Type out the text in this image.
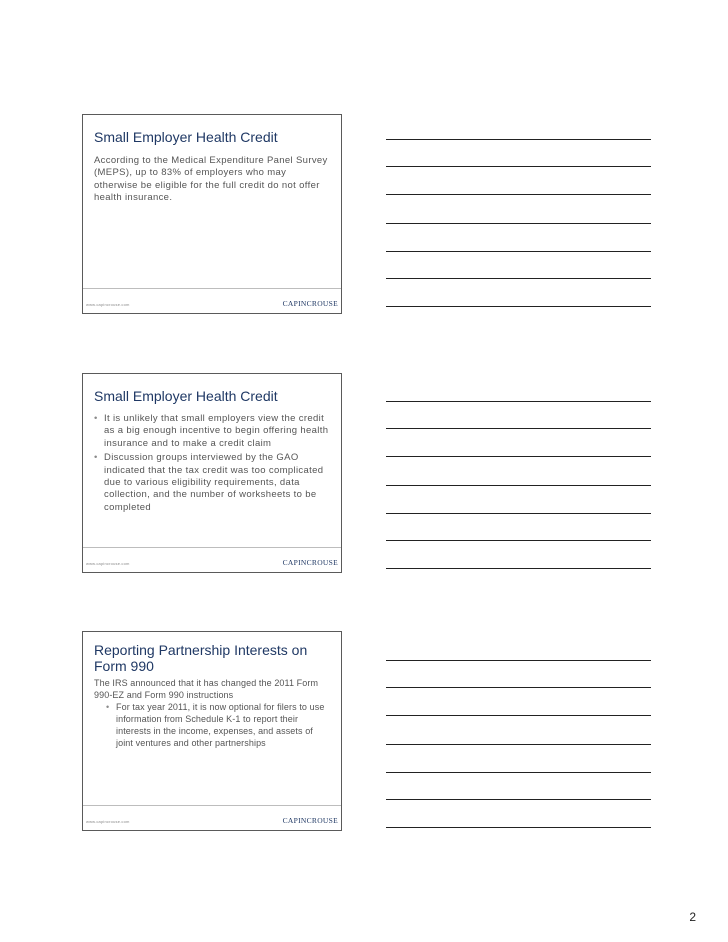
Small Employer Health Credit
According to the Medical Expenditure Panel Survey (MEPS), up to 83% of employers who may otherwise be eligible for the full credit do not offer health insurance.
www.capincrouse.com	CAPINCROUSE
Small Employer Health Credit
• It is unlikely that small employers view the credit as a big enough incentive to begin offering health insurance and to make a credit claim
• Discussion groups interviewed by the GAO indicated that the tax credit was too complicated due to various eligibility requirements, data collection, and the number of worksheets to be completed
www.capincrouse.com	CAPINCROUSE
Reporting Partnership Interests on Form 990
The IRS announced that it has changed the 2011 Form 990-EZ and Form 990 instructions
• For tax year 2011, it is now optional for filers to use information from Schedule K-1 to report their interests in the income, expenses, and assets of joint ventures and other partnerships
www.capincrouse.com	CAPINCROUSE
2
